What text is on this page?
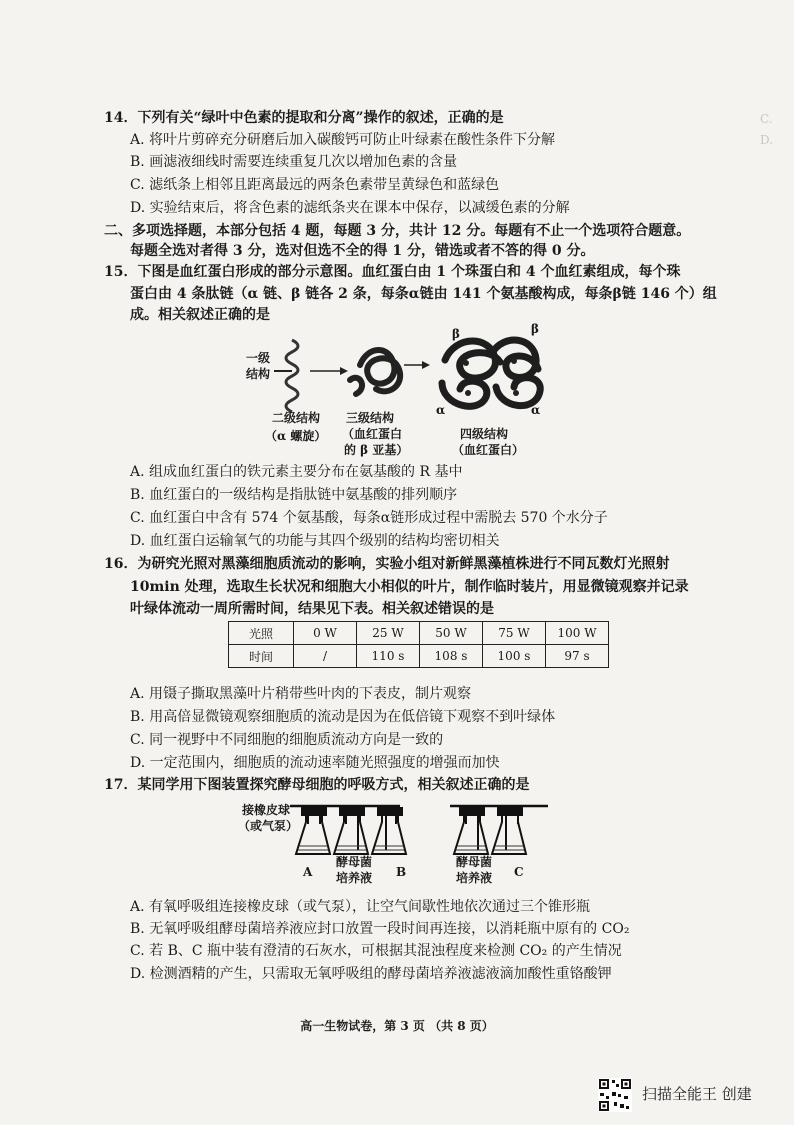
C.
D.
14．下列有关“绿叶中色素的提取和分离”操作的叙述，正确的是
A. 将叶片剪碎充分研磨后加入碳酸钙可防止叶绿素在酸性条件下分解
B. 画滤液细线时需要连续重复几次以增加色素的含量
C. 滤纸条上相邻且距离最远的两条色素带呈黄绿色和蓝绿色
D. 实验结束后，将含色素的滤纸条夹在课本中保存，以减缓色素的分解
二、多项选择题，本部分包括 4 题，每题 3 分，共计 12 分。每题有不止一个选项符合题意。
每题全选对者得 3 分，选对但选不全的得 1 分，错选或者不答的得 0 分。
15．下图是血红蛋白形成的部分示意图。血红蛋白由 1 个珠蛋白和 4 个血红素组成，每个珠
蛋白由 4 条肽链（α 链、β 链各 2 条，每条α链由 141 个氨基酸构成，每条β链 146 个）组
成。相关叙述正确的是
一级
结构
β	β
α	α
二级结构
（α 螺旋）
三级结构
（血红蛋白
的 β 亚基）
四级结构
（血红蛋白）
A. 组成血红蛋白的铁元素主要分布在氨基酸的 R 基中
B. 血红蛋白的一级结构是指肽链中氨基酸的排列顺序
C. 血红蛋白中含有 574 个氨基酸，每条α链形成过程中需脱去 570 个水分子
D. 血红蛋白运输氧气的功能与其四个级别的结构均密切相关
16．为研究光照对黑藻细胞质流动的影响，实验小组对新鲜黑藻植株进行不同瓦数灯光照射
10min 处理，选取生长状况和细胞大小相似的叶片，制作临时装片，用显微镜观察并记录
叶绿体流动一周所需时间，结果见下表。相关叙述错误的是
光照	0 W	25 W	50 W	75 W	100 W
时间	/	110 s	108 s	100 s	97 s
A. 用镊子撕取黑藻叶片稍带些叶肉的下表皮，制片观察
B. 用高倍显微镜观察细胞质的流动是因为在低倍镜下观察不到叶绿体
C. 同一视野中不同细胞的细胞质流动方向是一致的
D. 一定范围内，细胞质的流动速率随光照强度的增强而加快
17．某同学用下图装置探究酵母细胞的呼吸方式，相关叙述正确的是
接橡皮球
（或气泵）
A
酵母菌
培养液 B
酵母菌
培养液 C
A. 有氧呼吸组连接橡皮球（或气泵），让空气间歇性地依次通过三个锥形瓶
B. 无氧呼吸组酵母菌培养液应封口放置一段时间再连接，以消耗瓶中原有的 CO₂
C. 若 B、C 瓶中装有澄清的石灰水，可根据其混浊程度来检测 CO₂ 的产生情况
D. 检测酒精的产生，只需取无氧呼吸组的酵母菌培养液滤液滴加酸性重铬酸钾
高一生物试卷，第 3 页 （共 8 页）
扫描全能王 创建
